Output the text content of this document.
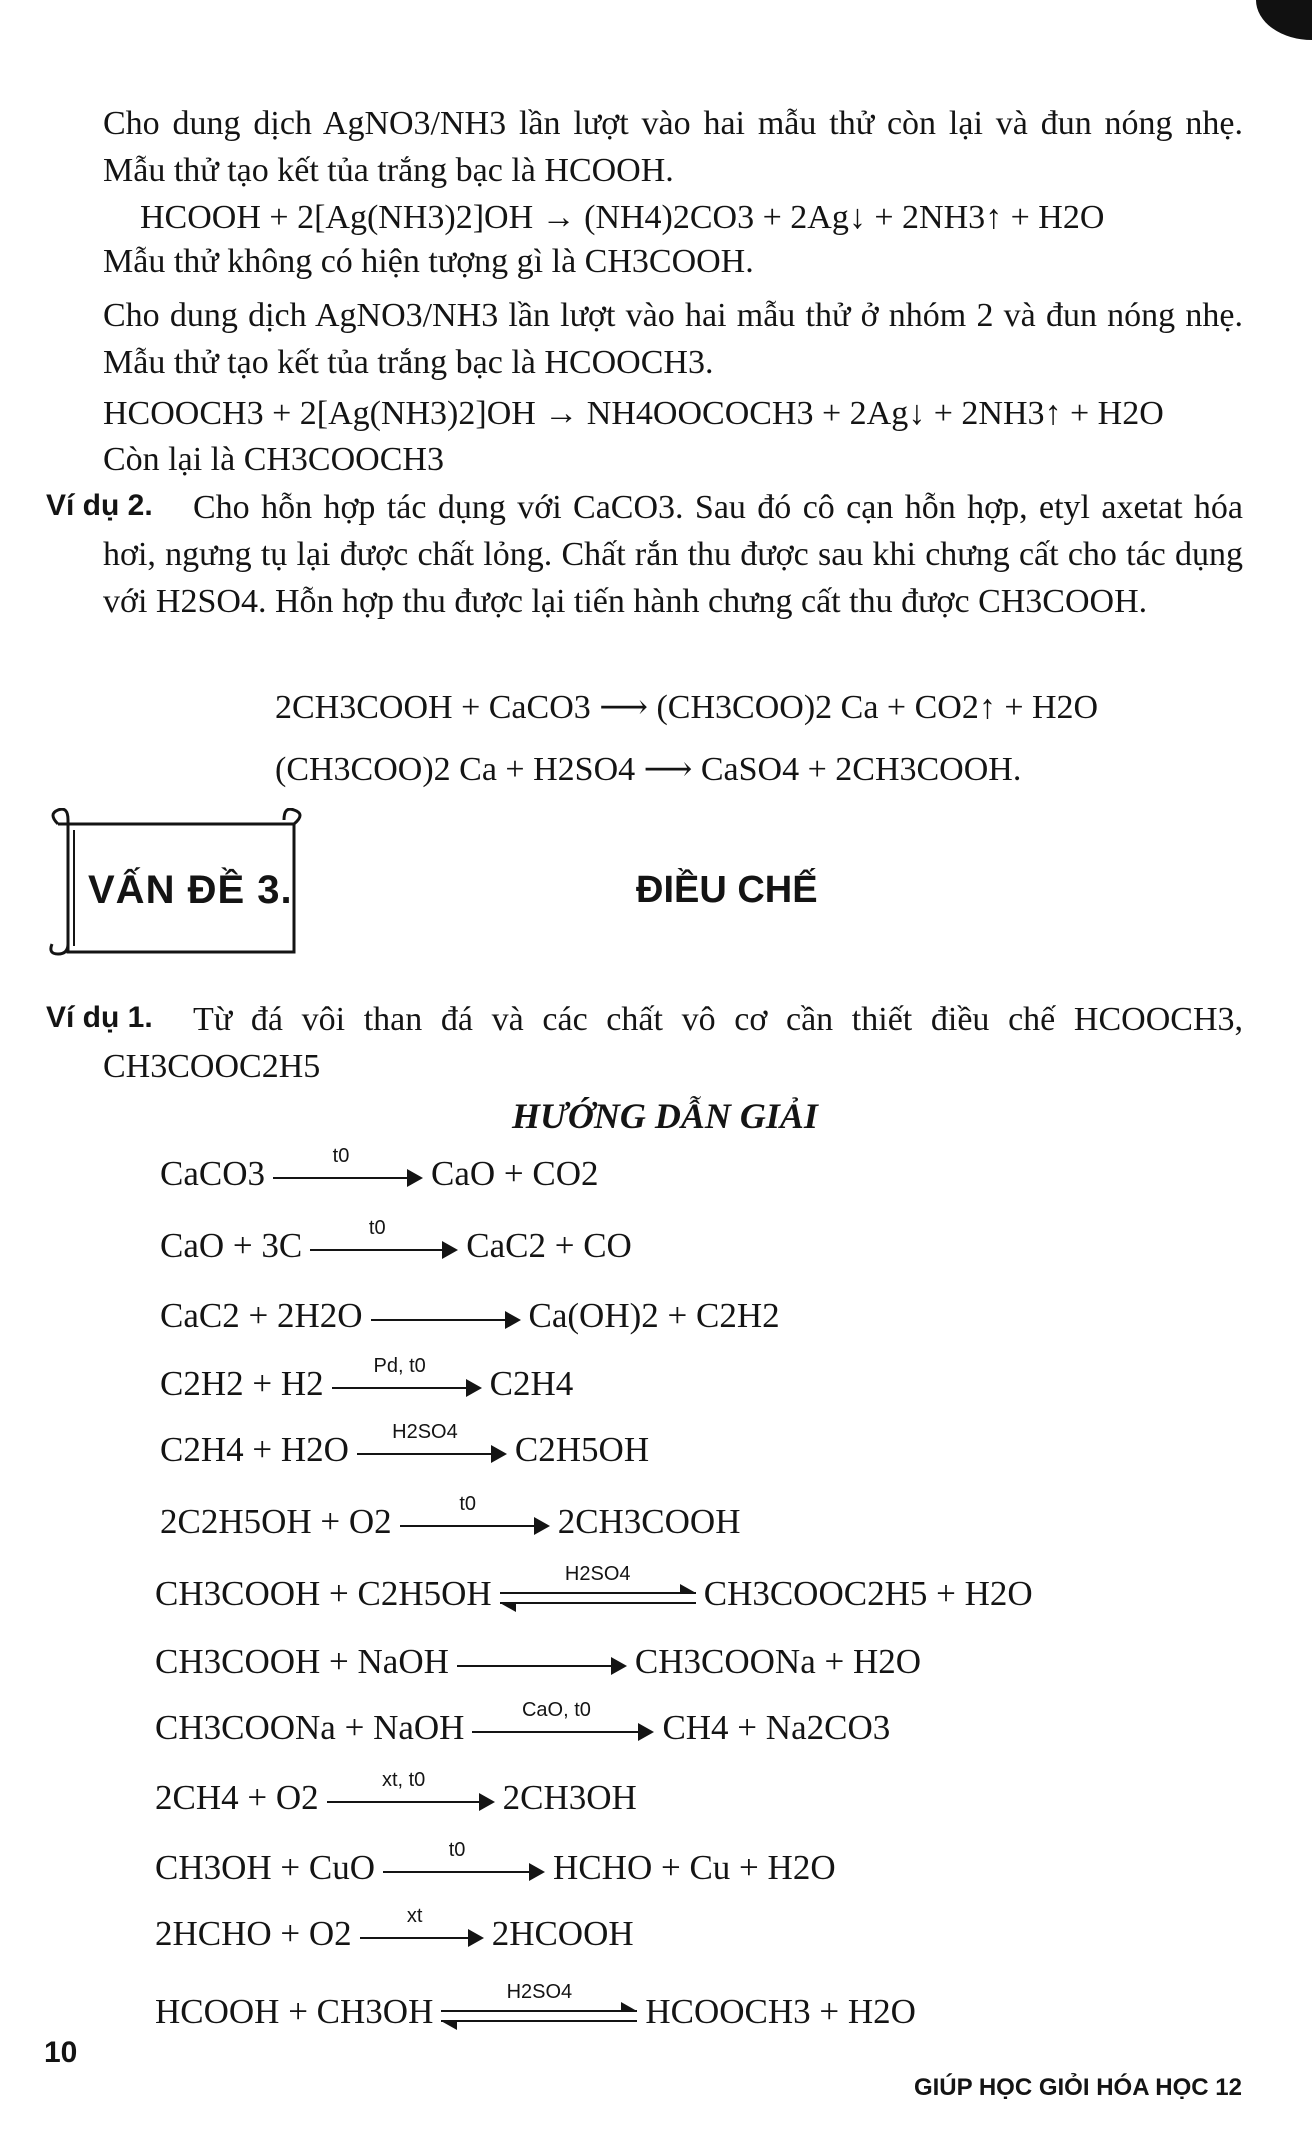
Cho dung dịch AgNO3/NH3 lần lượt vào hai mẫu thử còn lại và đun nóng nhẹ. Mẫu thử tạo kết tủa trắng bạc là HCOOH.
HCOOH + 2[Ag(NH3)2]OH → (NH4)2CO3 + 2Ag↓ + 2NH3↑ + H2O
Mẫu thử không có hiện tượng gì là CH3COOH.
Cho dung dịch AgNO3/NH3 lần lượt vào hai mẫu thử ở nhóm 2 và đun nóng nhẹ. Mẫu thử tạo kết tủa trắng bạc là HCOOCH3.
HCOOCH3 + 2[Ag(NH3)2]OH → NH4OOCOCH3 + 2Ag↓ + 2NH3↑ + H2O
Còn lại là CH3COOCH3
Ví dụ 2.	Cho hỗn hợp tác dụng với CaCO3. Sau đó cô cạn hỗn hợp, etyl axetat hóa hơi, ngưng tụ lại được chất lỏng. Chất rắn thu được sau khi chưng cất cho tác dụng với H2SO4. Hỗn hợp thu được lại tiến hành chưng cất thu được CH3COOH.
2CH3COOH + CaCO3 ⟶ (CH3COO)2 Ca + CO2↑ + H2O
(CH3COO)2 Ca + H2SO4 ⟶ CaSO4 + 2CH3COOH.
VẤN ĐỀ 3.	ĐIỀU CHẾ
Ví dụ 1.	Từ đá vôi than đá và các chất vô cơ cần thiết điều chế HCOOCH3, CH3COOC2H5
HƯỚNG DẪN GIẢI
CaCO3	t0	CaO + CO2
CaO + 3C	t0	CaC2 + CO
CaC2 + 2H2O	Ca(OH)2 + C2H2
C2H2 + H2	Pd, t0	C2H4
C2H4 + H2O	H2SO4	C2H5OH
2C2H5OH + O2	t0	2CH3COOH
CH3COOH + C2H5OH
H2SO4
CH3COOC2H5 + H2O
CH3COOH + NaOH	CH3COONa + H2O
CH3COONa + NaOH	CaO, t0	CH4 + Na2CO3
2CH4 + O2	xt, t0	2CH3OH
CH3OH + CuO	t0	HCHO + Cu + H2O
2HCHO + O2	xt	2HCOOH
HCOOH + CH3OH
H2SO4
HCOOCH3 + H2O
10
GIÚP HỌC GIỎI HÓA HỌC 12
